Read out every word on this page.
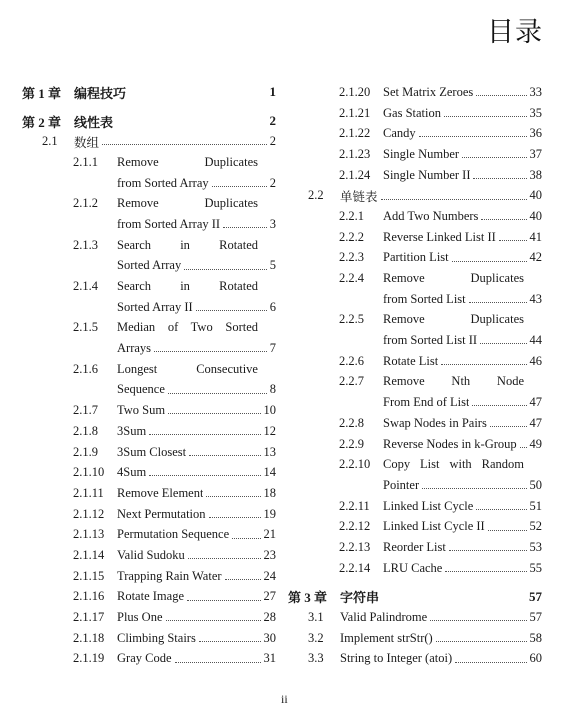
目录
第 1 章 编程技巧	1
第 2 章 线性表	2
2.1	数组	2
2.1.1	Remove Duplicates
from Sorted Array	2
2.1.2	Remove Duplicates
from Sorted Array II	3
2.1.3	Search in Rotated
Sorted Array	5
2.1.4	Search in Rotated
Sorted Array II	6
2.1.5	Median of Two Sorted
Arrays	7
2.1.6	Longest Consecutive
Sequence	8
2.1.7	Two Sum	10
2.1.8	3Sum	12
2.1.9	3Sum Closest	13
2.1.10	4Sum	14
2.1.11	Remove Element	18
2.1.12	Next Permutation	19
2.1.13	Permutation Sequence	21
2.1.14	Valid Sudoku	23
2.1.15	Trapping Rain Water	24
2.1.16	Rotate Image	27
2.1.17	Plus One	28
2.1.18	Climbing Stairs	30
2.1.19	Gray Code	31
2.1.20	Set Matrix Zeroes	33
2.1.21	Gas Station	35
2.1.22	Candy	36
2.1.23	Single Number	37
2.1.24	Single Number II	38
2.2	单链表	40
2.2.1	Add Two Numbers	40
2.2.2	Reverse Linked List II	41
2.2.3	Partition List	42
2.2.4	Remove Duplicates
from Sorted List	43
2.2.5	Remove Duplicates
from Sorted List II	44
2.2.6	Rotate List	46
2.2.7	Remove Nth Node
From End of List	47
2.2.8	Swap Nodes in Pairs	47
2.2.9	Reverse Nodes in k-Group 49
2.2.10	Copy List with Random
Pointer	50
2.2.11	Linked List Cycle	51
2.2.12	Linked List Cycle II	52
2.2.13	Reorder List	53
2.2.14	LRU Cache	55
第 3 章 字符串	57
3.1	Valid Palindrome	57
3.2	Implement strStr()	58
3.3	String to Integer (atoi)	60
ii
